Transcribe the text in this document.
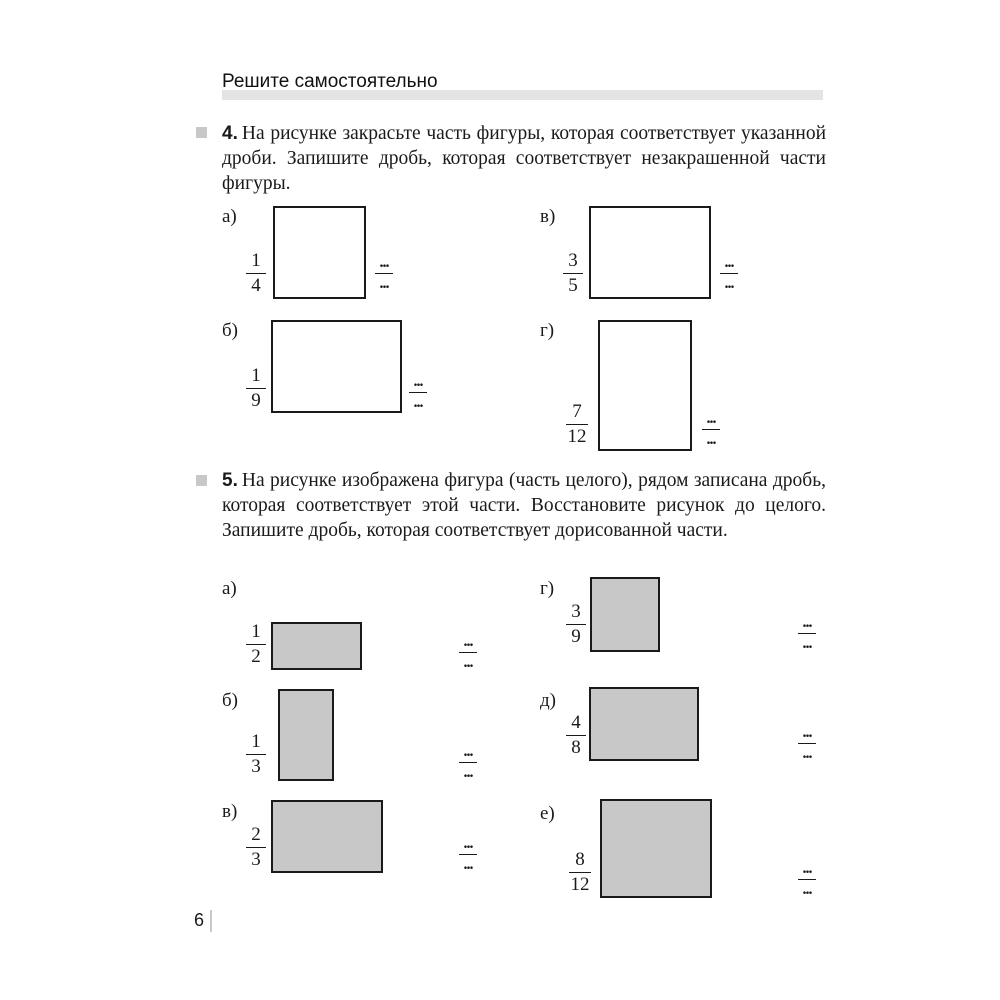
Решите самостоятельно
4. На рисунке закрасьте часть фигуры, которая соответствует указанной дроби. Запишите дробь, которая соответствует незакрашенной части фигуры.
а)
1
4
...
...
б)
1
9
...
...
в)
3
5
...
...
г)
7
12
...
...
5. На рисунке изображена фигура (часть целого), рядом записана дробь, которая соответствует этой части. Восстановите рисунок до целого. Запишите дробь, которая соответствует дорисованной части.
а)
1
2
...
...
б)
1
3
...
...
в)
2
3
...
...
г)
3
9
...
...
д)
4
8
...
...
е)
8
12
...
...
6
